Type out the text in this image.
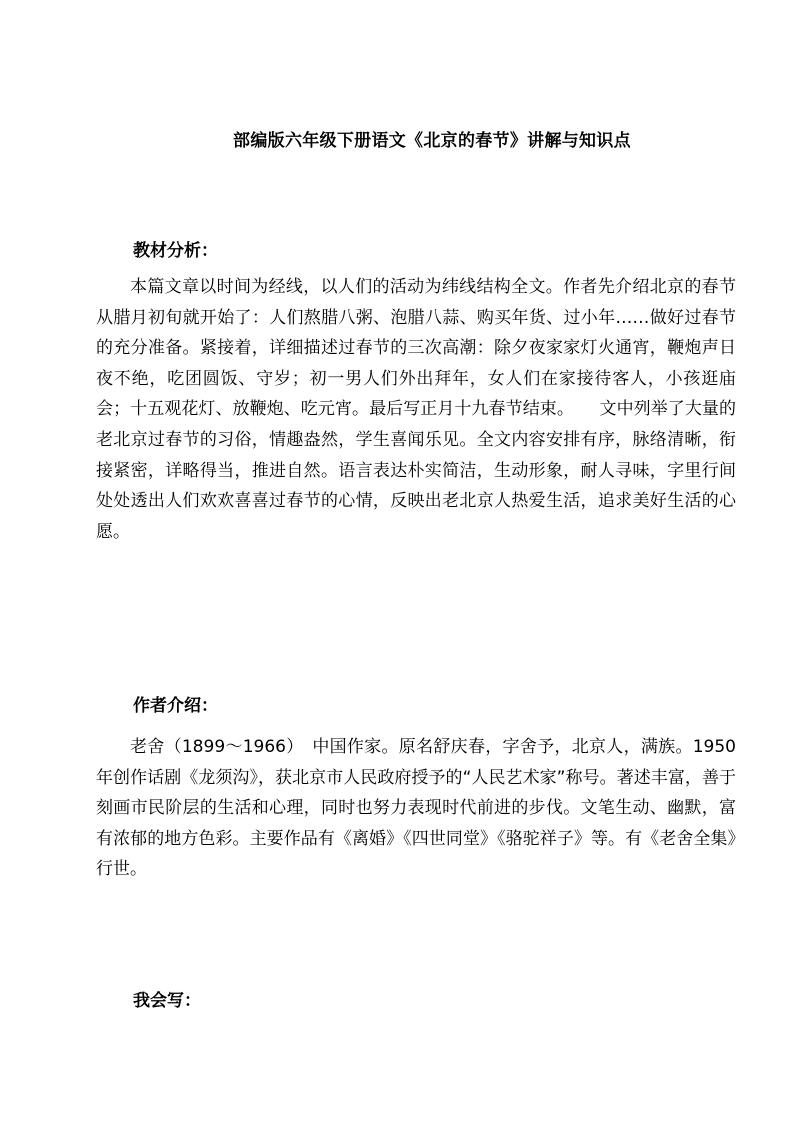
部编版六年级下册语文《北京的春节》讲解与知识点
教材分析：
本篇文章以时间为经线，以人们的活动为纬线结构全文。作者先介绍北京的春节从腊月初旬就开始了：人们熬腊八粥、泡腊八蒜、购买年货、过小年……做好过春节的充分准备。紧接着，详细描述过春节的三次高潮：除夕夜家家灯火通宵，鞭炮声日夜不绝，吃团圆饭、守岁；初一男人们外出拜年，女人们在家接待客人，小孩逛庙会；十五观花灯、放鞭炮、吃元宵。最后写正月十九春节结束。　　文中列举了大量的老北京过春节的习俗，情趣盎然，学生喜闻乐见。全文内容安排有序，脉络清晰，衔接紧密，详略得当，推进自然。语言表达朴实简洁，生动形象，耐人寻味，字里行间处处透出人们欢欢喜喜过春节的心情，反映出老北京人热爱生活，追求美好生活的心愿。
作者介绍：
老舍（1899～1966）　中国作家。原名舒庆春，字舍予，北京人，满族。1950年创作话剧《龙须沟》，获北京市人民政府授予的“人民艺术家”称号。著述丰富，善于刻画市民阶层的生活和心理，同时也努力表现时代前进的步伐。文笔生动、幽默，富有浓郁的地方色彩。主要作品有《离婚》《四世同堂》《骆驼祥子》等。有《老舍全集》行世。
我会写：
